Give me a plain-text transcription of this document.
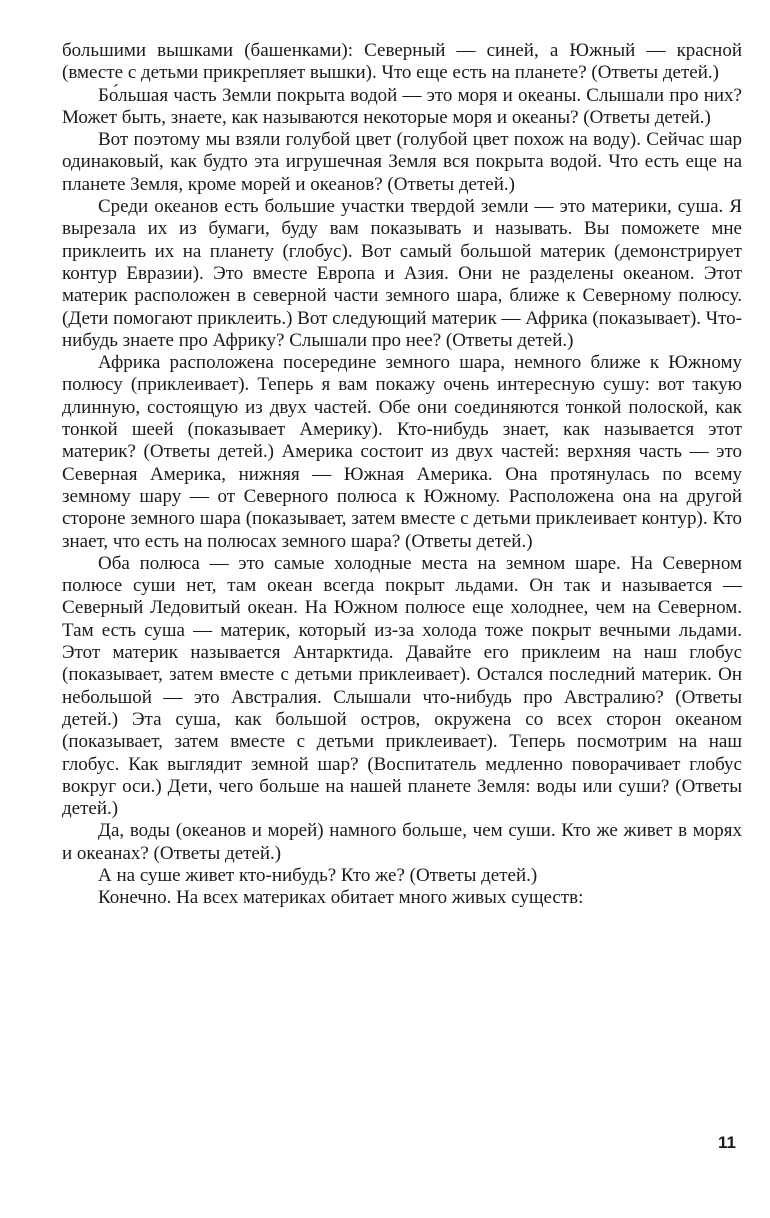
большими вышками (башенками): Северный — синей, а Южный — красной (вместе с детьми прикрепляет вышки). Что еще есть на планете? (Ответы детей.)

Бо́льшая часть Земли покрыта водой — это моря и океаны. Слышали про них? Может быть, знаете, как называются некоторые моря и океаны? (Ответы детей.)

Вот поэтому мы взяли голубой цвет (голубой цвет похож на воду). Сейчас шар одинаковый, как будто эта игрушечная Земля вся покрыта водой. Что есть еще на планете Земля, кроме морей и океанов? (Ответы детей.)

Среди океанов есть большие участки твердой земли — это материки, суша. Я вырезала их из бумаги, буду вам показывать и называть. Вы поможете мне приклеить их на планету (глобус). Вот самый большой материк (демонстрирует контур Евразии). Это вместе Европа и Азия. Они не разделены океаном. Этот материк расположен в северной части земного шара, ближе к Северному полюсу. (Дети помогают приклеить.) Вот следующий материк — Африка (показывает). Что-нибудь знаете про Африку? Слышали про нее? (Ответы детей.)

Африка расположена посередине земного шара, немного ближе к Южному полюсу (приклеивает). Теперь я вам покажу очень интересную сушу: вот такую длинную, состоящую из двух частей. Обе они соединяются тонкой полоской, как тонкой шеей (показывает Америку). Кто-нибудь знает, как называется этот материк? (Ответы детей.) Америка состоит из двух частей: верхняя часть — это Северная Америка, нижняя — Южная Америка. Она протянулась по всему земному шару — от Северного полюса к Южному. Расположена она на другой стороне земного шара (показывает, затем вместе с детьми приклеивает контур). Кто знает, что есть на полюсах земного шара? (Ответы детей.)

Оба полюса — это самые холодные места на земном шаре. На Северном полюсе суши нет, там океан всегда покрыт льдами. Он так и называется — Северный Ледовитый океан. На Южном полюсе еще холоднее, чем на Северном. Там есть суша — материк, который из-за холода тоже покрыт вечными льдами. Этот материк называется Антарктида. Давайте его приклеим на наш глобус (показывает, затем вместе с детьми приклеивает). Остался последний материк. Он небольшой — это Австралия. Слышали что-нибудь про Австралию? (Ответы детей.) Эта суша, как большой остров, окружена со всех сторон океаном (показывает, затем вместе с детьми приклеивает). Теперь посмотрим на наш глобус. Как выглядит земной шар? (Воспитатель медленно поворачивает глобус вокруг оси.) Дети, чего больше на нашей планете Земля: воды или суши? (Ответы детей.)

Да, воды (океанов и морей) намного больше, чем суши. Кто же живет в морях и океанах? (Ответы детей.)

А на суше живет кто-нибудь? Кто же? (Ответы детей.)

Конечно. На всех материках обитает много живых существ:

11
